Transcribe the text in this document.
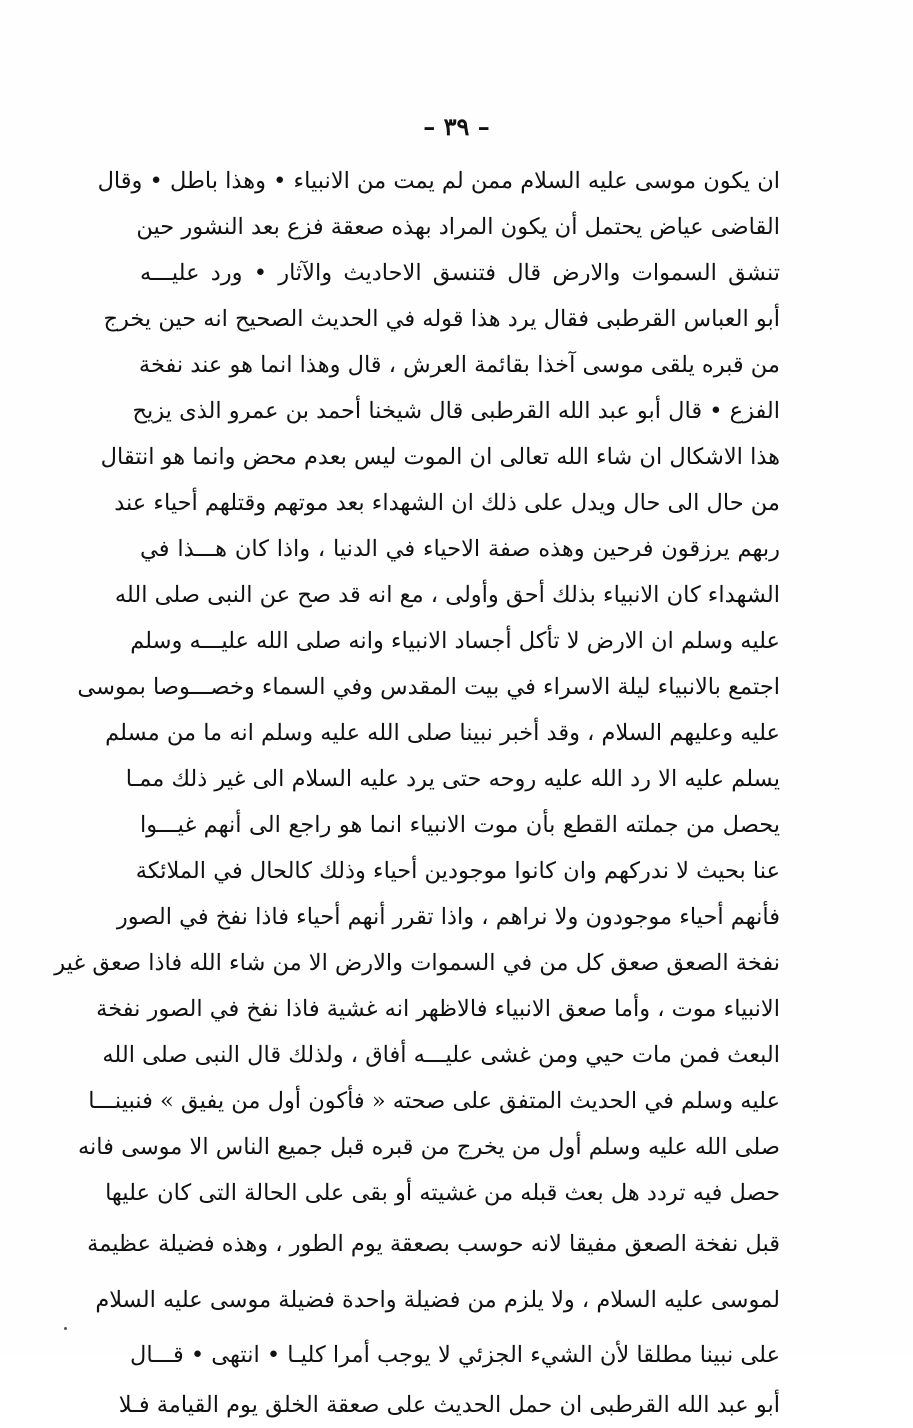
– ٣٩ –
ان يكون موسى عليه السلام ممن لم يمت من الانبياء • وهذا باطل • وقال
القاضى عياض يحتمل أن يكون المراد بهذه صعقة فزع بعد النشور حين
تنشق السموات والارض قال فتنسق الاحاديث والآثار • ورد عليـــه
أبو العباس القرطبى فقال يرد هذا قوله في الحديث الصحيح انه حين يخرج
من قبره يلقى موسى آخذا بقائمة العرش ، قال وهذا انما هو عند نفخة
الفزع • قال أبو عبد الله القرطبى قال شيخنا أحمد بن عمرو الذى يزيح
هذا الاشكال ان شاء الله تعالى ان الموت ليس بعدم محض وانما هو انتقال
من حال الى حال ويدل على ذلك ان الشهداء بعد موتهم وقتلهم أحياء عند
ربهم يرزقون فرحين وهذه صفة الاحياء في الدنيا ، واذا كان هـــذا في
الشهداء كان الانبياء بذلك أحق وأولى ، مع انه قد صح عن النبى صلى الله
عليه وسلم ان الارض لا تأكل أجساد الانبياء وانه صلى الله عليـــه وسلم
اجتمع بالانبياء ليلة الاسراء في بيت المقدس وفي السماء وخصـــوصا بموسى
عليه وعليهم السلام ، وقد أخبر نبينا صلى الله عليه وسلم انه ما من مسلم
يسلم عليه الا رد الله عليه روحه حتى يرد عليه السلام الى غير ذلك ممـا
يحصل من جملته القطع بأن موت الانبياء انما هو راجع الى أنهم غيـــوا
عنا بحيث لا ندركهم وان كانوا موجودين أحياء وذلك كالحال في الملائكة
فأنهم أحياء موجودون ولا نراهم ، واذا تقرر أنهم أحياء فاذا نفخ في الصور
نفخة الصعق صعق كل من في السموات والارض الا من شاء الله فاذا صعق غير
الانبياء موت ، وأما صعق الانبياء فالاظهر انه غشية فاذا نفخ في الصور نفخة
البعث فمن مات حيي ومن غشى عليـــه أفاق ، ولذلك قال النبى صلى الله
عليه وسلم في الحديث المتفق على صحته « فأكون أول من يفيق » فنبينـــا
صلى الله عليه وسلم أول من يخرج من قبره قبل جميع الناس الا موسى فانه
حصل فيه تردد هل بعث قبله من غشيته أو بقى على الحالة التى كان عليها
قبل نفخة الصعق مفيقا لانه حوسب بصعقة يوم الطور ، وهذه فضيلة عظيمة
لموسى عليه السلام ، ولا يلزم من فضيلة واحدة فضيلة موسى عليه السلام
على نبينا مطلقا لأن الشيء الجزئي لا يوجب أمرا كليـا • انتهى • قـــال
أبو عبد الله القرطبى ان حمل الحديث على صعقة الخلق يوم القيامة فـلا
